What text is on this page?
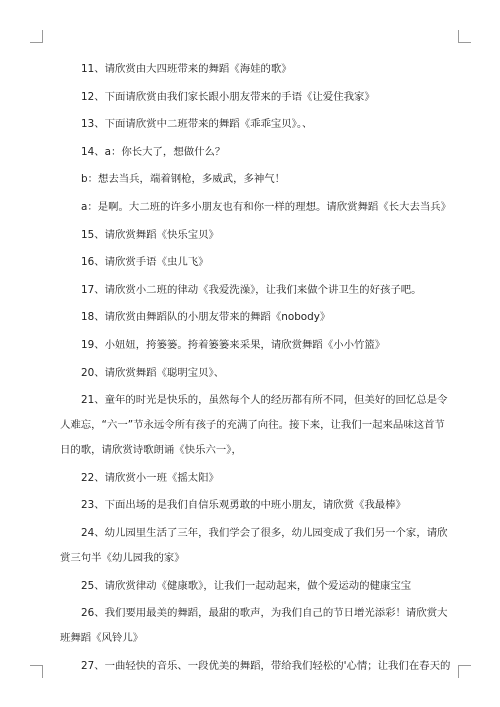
11、请欣赏由大四班带来的舞蹈《海娃的歌》

12、下面请欣赏由我们家长跟小朋友带来的手语《让爱住我家》

13、下面请欣赏中二班带来的舞蹈《乖乖宝贝》。、

14、a：你长大了，想做什么？

b：想去当兵，端着钢枪，多威武，多神气！

a：是啊。大二班的许多小朋友也有和你一样的理想。请欣赏舞蹈《长大去当兵》

15、请欣赏舞蹈《快乐宝贝》

16、请欣赏手语《虫儿飞》

17、请欣赏小二班的律动《我爱洗澡》，让我们来做个讲卫生的好孩子吧。

18、请欣赏由舞蹈队的小朋友带来的舞蹈《nobody》

19、小妞妞，挎篓篓。挎着篓篓来采果，请欣赏舞蹈《小小竹篮》

20、请欣赏舞蹈《聪明宝贝》、

21、童年的时光是快乐的，虽然每个人的经历都有所不同，但美好的回忆总是令

人难忘，“六一”节永远令所有孩子的充满了向往。接下来，让我们一起来品味这首节

日的歌，请欣赏诗歌朗诵《快乐六一》，

22、请欣赏小一班《摇太阳》

23、下面出场的是我们自信乐观勇敢的中班小朋友，请欣赏《我最棒》

24、幼儿园里生活了三年，我们学会了很多，幼儿园变成了我们另一个家，请欣

赏三句半《幼儿园我的家》

25、请欣赏律动《健康歌》，让我们一起动起来，做个爱运动的健康宝宝

26、我们要用最美的舞蹈，最甜的歌声，为我们自己的节日增光添彩！请欣赏大

班舞蹈《风铃儿》

27、一曲轻快的音乐、一段优美的舞蹈，带给我们轻松的'心情；让我们在春天的
